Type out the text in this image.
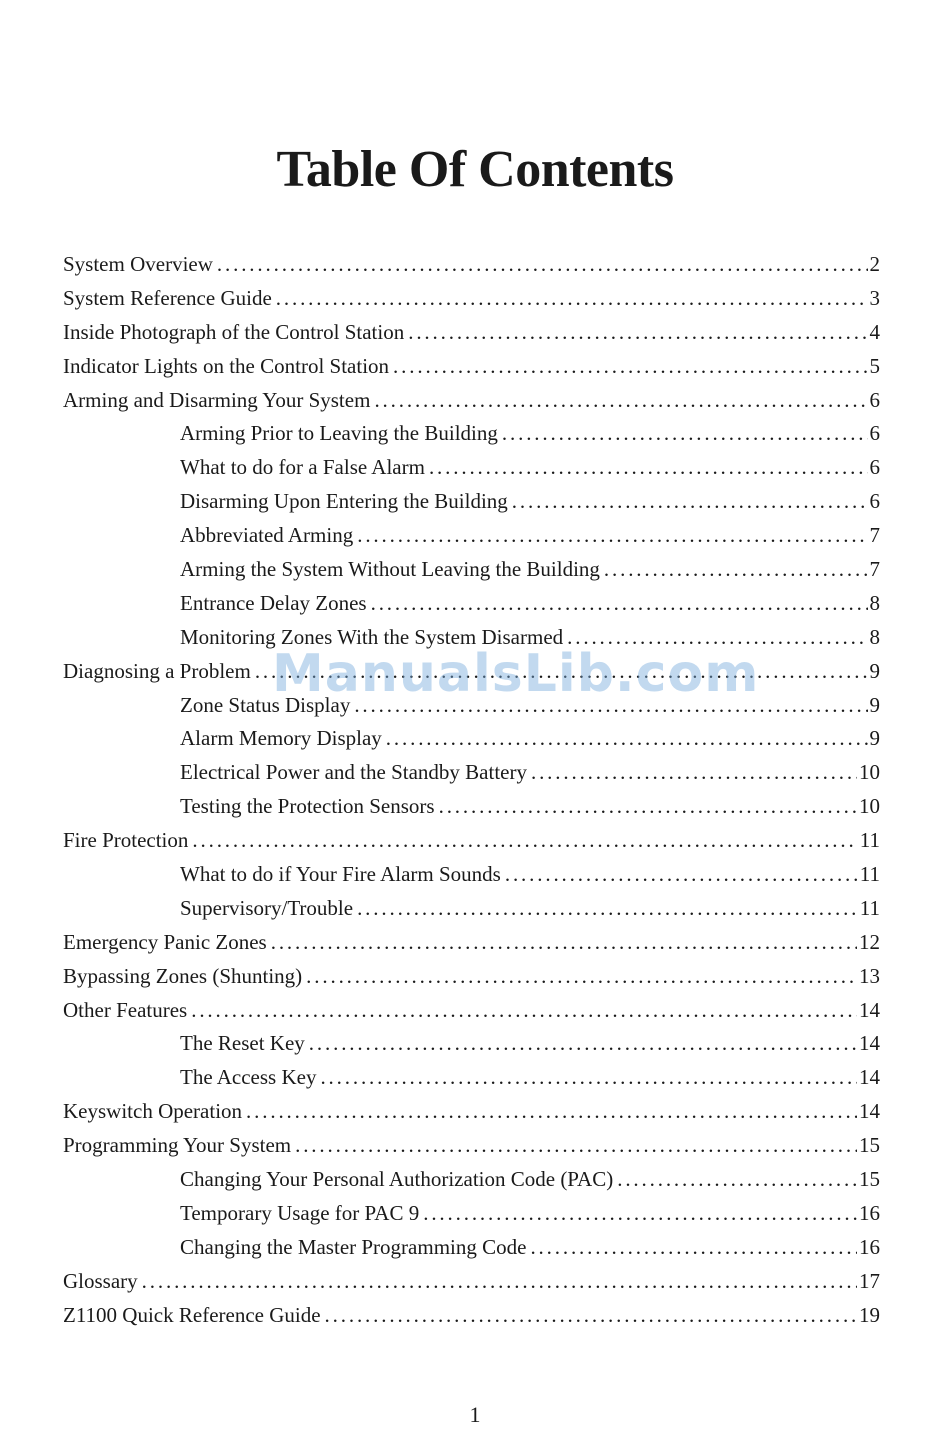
Table Of Contents
System Overview . . .	2
System Reference Guide . . .	3
Inside Photograph of the Control Station . . .	4
Indicator Lights on the Control Station . . .	5
Arming and Disarming Your System . . .	6
Arming Prior to Leaving the Building . . .	6
What to do for a False Alarm . . .	6
Disarming Upon Entering the Building . . .	6
Abbreviated Arming . . .	7
Arming the System Without Leaving the Building . . .	7
Entrance Delay Zones . . .	8
Monitoring Zones With the System Disarmed . . .	8
Diagnosing a Problem . . .	9
Zone Status Display . . .	9
Alarm Memory Display . . .	9
Electrical Power and the Standby Battery . . .	10
Testing the Protection Sensors . . .	10
Fire Protection . . .	11
What to do if Your Fire Alarm Sounds . . .	11
Supervisory/Trouble . . .	11
Emergency Panic Zones . . .	12
Bypassing Zones (Shunting) . . .	13
Other Features . . .	14
The Reset Key . . .	14
The Access Key . . .	14
Keyswitch Operation . . .	14
Programming Your System . . .	15
Changing Your Personal Authorization Code (PAC) . . .	15
Temporary Usage for PAC 9 . . .	16
Changing the Master Programming Code . . .	16
Glossary . . .	17
Z1100 Quick Reference Guide . . .	19
ManualsLib.com
1
